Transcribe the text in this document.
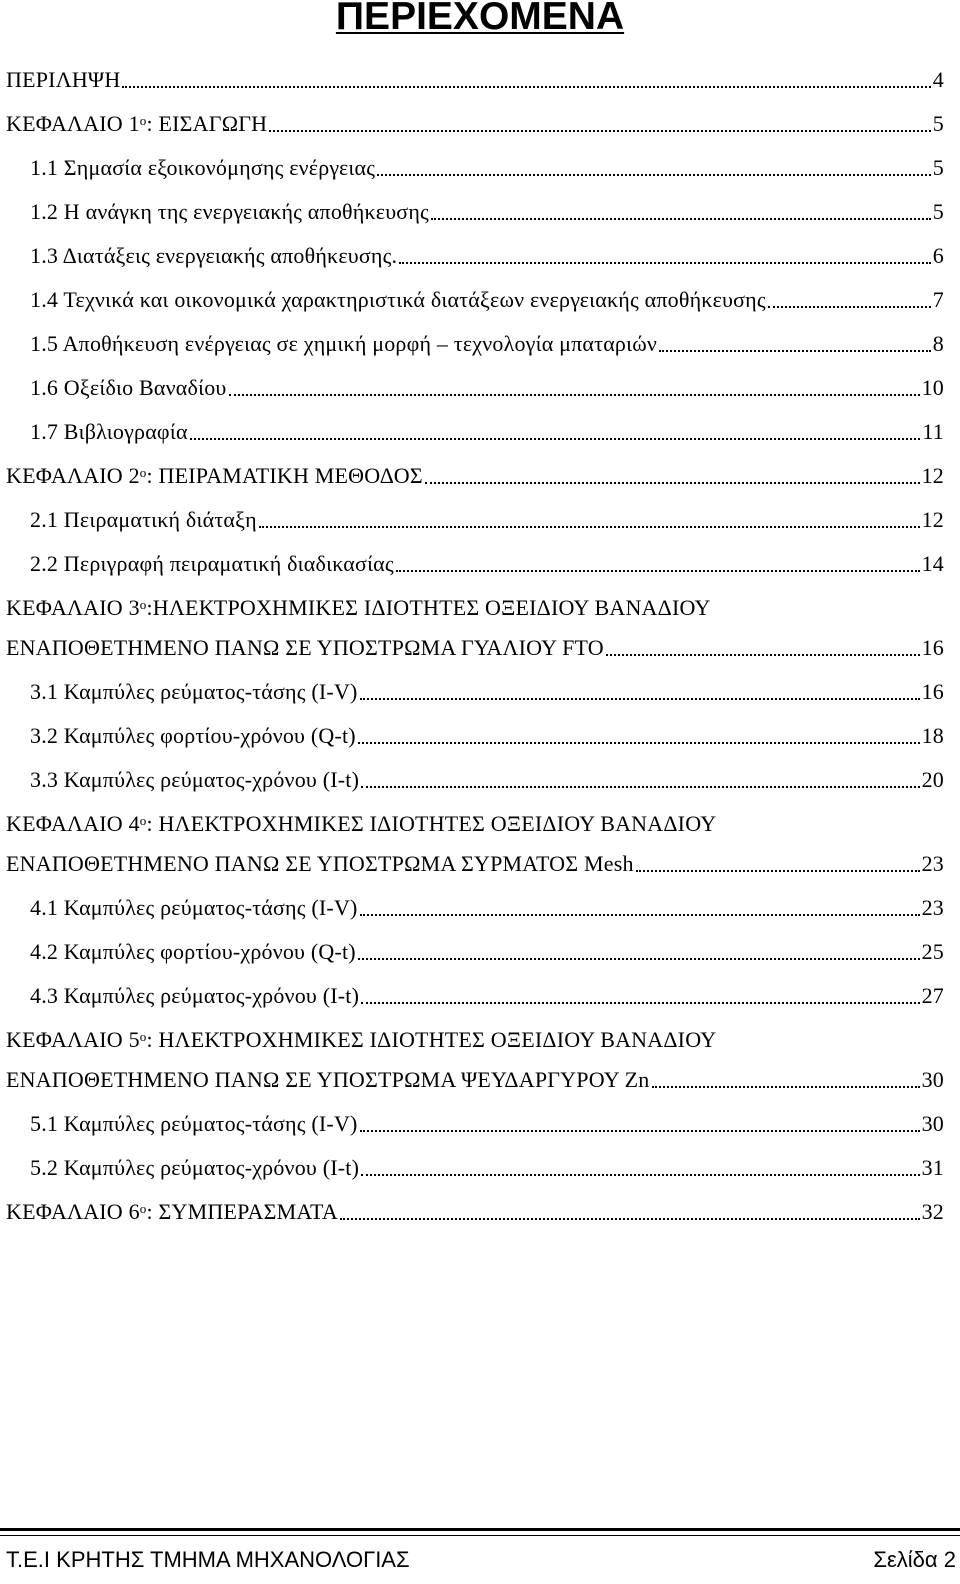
ΠΕΡΙΕΧΟΜΕΝΑ
ΠΕΡΙΛΗΨΗ	4
ΚΕΦΑΛΑΙΟ $1^o$: ΕΙΣΑΓΩΓΗ	5
1.1 Σημασία εξοικονόμησης ενέργειας	5
1.2 Η ανάγκη της ενεργειακής αποθήκευσης	5
1.3 Διατάξεις ενεργειακής αποθήκευσης.	6
1.4 Τεχνικά και οικονομικά χαρακτηριστικά διατάξεων ενεργειακής αποθήκευσης	7
1.5 Αποθήκευση ενέργειας σε χημική μορφή – τεχνολογία μπαταριών	8
1.6 Οξείδιο Βαναδίου	10
1.7 Βιβλιογραφία	11
ΚΕΦΑΛΑΙΟ $2^o$: ΠΕΙΡΑΜΑΤΙΚΗ ΜΕΘΟΔΟΣ	12
2.1 Πειραματική διάταξη	12
2.2 Περιγραφή πειραματική διαδικασίας	14
ΚΕΦΑΛΑΙΟ $3^o:H\Lambda EKTPOXHMIKE\Sigma$ ΙΔΙΟΤΗΤΕΣ ΟΞΕΙΔΙΟΥ ΒΑΝΑΔΙΟΥ
ΕΝΑΠΟΘΕΤΗΜΕΝΟ ΠΑΝΩ ΣΕ ΥΠΟΣΤΡΩΜΑ ΓΥΑΛΙΟΥ FTO	16
3.1 Καμπύλες ρεύματος-τάσης (I-V)	16
3.2 Καμπύλες φορτίου-χρόνου (Q-t)	18
3.3 Καμπύλες ρεύματος-χρόνου (I-t)	20
ΚΕΦΑΛΑΙΟ $4^o$: ΗΛΕΚΤΡΟΧΗΜΙΚΕΣ ΙΔΙΟΤΗΤΕΣ ΟΞΕΙΔΙΟΥ ΒΑΝΑΔΙΟΥ
ΕΝΑΠΟΘΕΤΗΜΕΝΟ ΠΑΝΩ ΣΕ ΥΠΟΣΤΡΩΜΑ ΣΥΡΜΑΤΟΣ Mesh	23
4.1 Καμπύλες ρεύματος-τάσης (I-V)	23
4.2 Καμπύλες φορτίου-χρόνου (Q-t)	25
4.3 Καμπύλες ρεύματος-χρόνου (I-t)	27
ΚΕΦΑΛΑΙΟ $5^o$: ΗΛΕΚΤΡΟΧΗΜΙΚΕΣ ΙΔΙΟΤΗΤΕΣ ΟΞΕΙΔΙΟΥ ΒΑΝΑΔΙΟΥ
ΕΝΑΠΟΘΕΤΗΜΕΝΟ ΠΑΝΩ ΣΕ ΥΠΟΣΤΡΩΜΑ ΨΕΥΔΑΡΓΥΡΟΥ Zn	30
5.1 Καμπύλες ρεύματος-τάσης (I-V)	30
5.2 Καμπύλες ρεύματος-χρόνου (I-t)	31
ΚΕΦΑΛΑΙΟ $6^o$: ΣΥΜΠΕΡΑΣΜΑΤΑ	32
Τ.Ε.Ι ΚΡΗΤΗΣ ΤΜΗΜΑ ΜΗΧΑΝΟΛΟΓΙΑΣ	Σελίδα 2
